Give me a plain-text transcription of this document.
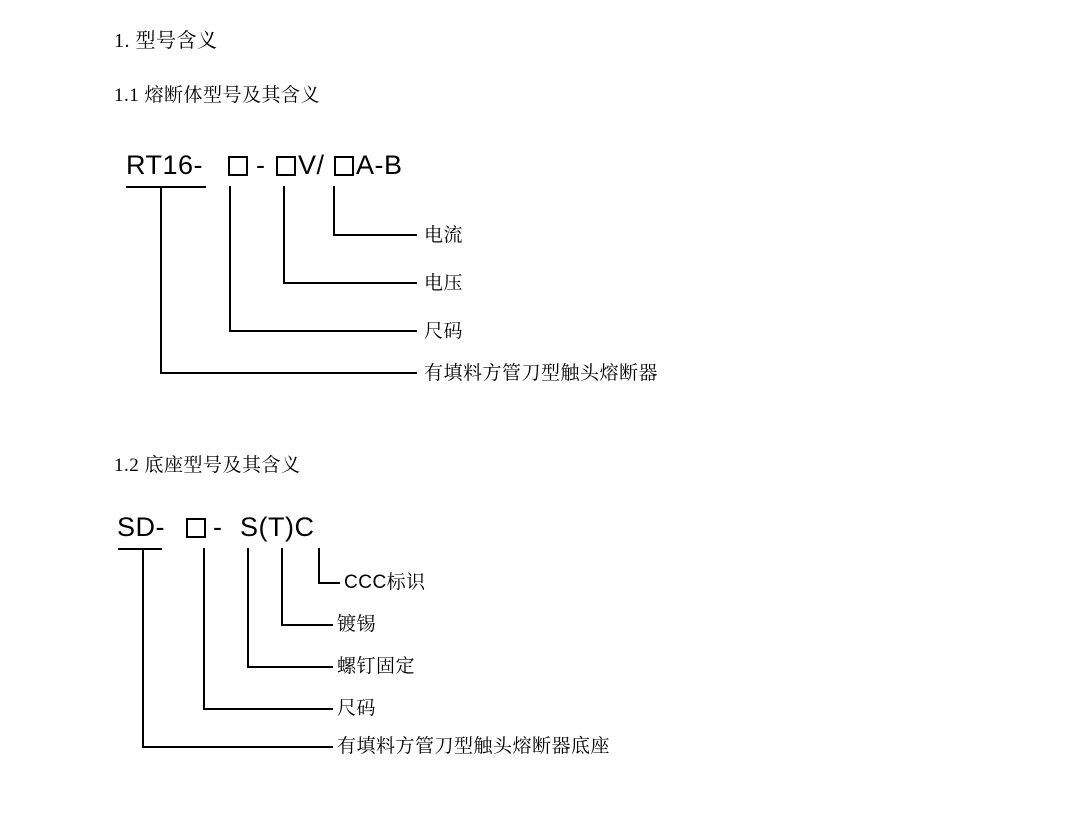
1. 型号含义
1.1 熔断体型号及其含义
RT16- - V/ A-B
电流
电压
尺码
有填料方管刀型触头熔断器
1.2 底座型号及其含义
SD- - S(T)C
CCC标识
镀锡
螺钉固定
尺码
有填料方管刀型触头熔断器底座
